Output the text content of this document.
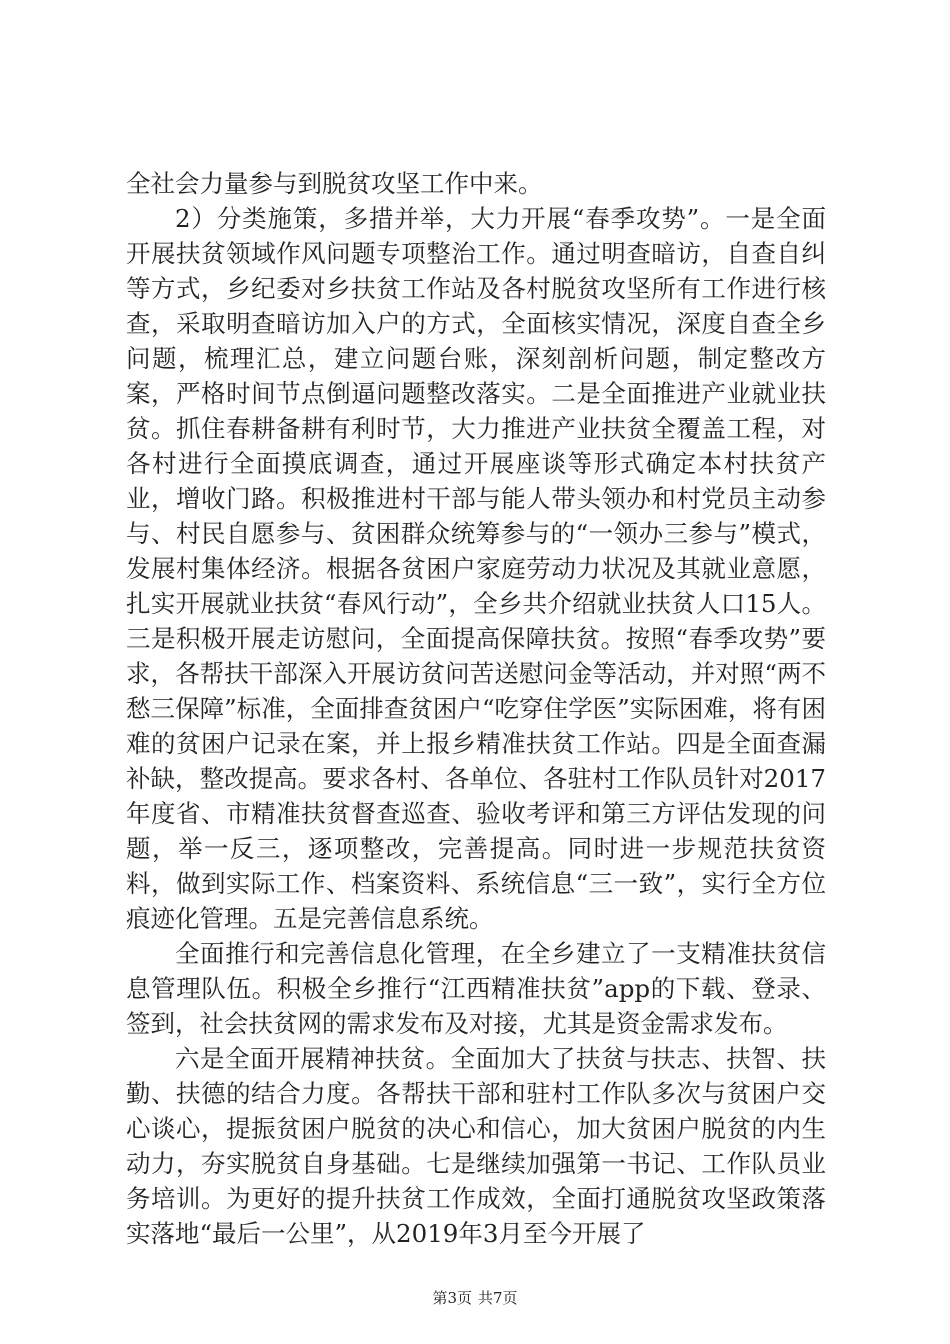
全社会力量参与到脱贫攻坚工作中来。

2）分类施策，多措并举，大力开展“春季攻势”。一是全面开展扶贫领域作风问题专项整治工作。通过明查暗访，自查自纠等方式，乡纪委对乡扶贫工作站及各村脱贫攻坚所有工作进行核查，采取明查暗访加入户的方式，全面核实情况，深度自查全乡问题，梳理汇总，建立问题台账，深刻剖析问题，制定整改方案，严格时间节点倒逼问题整改落实。二是全面推进产业就业扶贫。抓住春耕备耕有利时节，大力推进产业扶贫全覆盖工程，对各村进行全面摸底调查，通过开展座谈等形式确定本村扶贫产业，增收门路。积极推进村干部与能人带头领办和村党员主动参与、村民自愿参与、贫困群众统筹参与的“一领办三参与”模式，发展村集体经济。根据各贫困户家庭劳动力状况及其就业意愿，扎实开展就业扶贫“春风行动”，全乡共介绍就业扶贫人口15人。三是积极开展走访慰问，全面提高保障扶贫。按照“春季攻势”要求，各帮扶干部深入开展访贫问苦送慰问金等活动，并对照“两不愁三保障”标准，全面排查贫困户“吃穿住学医”实际困难，将有困难的贫困户记录在案，并上报乡精准扶贫工作站。四是全面查漏补缺，整改提高。要求各村、各单位、各驻村工作队员针对2017年度省、市精准扶贫督查巡查、验收考评和第三方评估发现的问题，举一反三，逐项整改，完善提高。同时进一步规范扶贫资料，做到实际工作、档案资料、系统信息“三一致”，实行全方位痕迹化管理。五是完善信息系统。

全面推行和完善信息化管理，在全乡建立了一支精准扶贫信息管理队伍。积极全乡推行“江西精准扶贫”app的下载、登录、签到，社会扶贫网的需求发布及对接，尤其是资金需求发布。

六是全面开展精神扶贫。全面加大了扶贫与扶志、扶智、扶勤、扶德的结合力度。各帮扶干部和驻村工作队多次与贫困户交心谈心，提振贫困户脱贫的决心和信心，加大贫困户脱贫的内生动力，夯实脱贫自身基础。七是继续加强第一书记、工作队员业务培训。为更好的提升扶贫工作成效，全面打通脱贫攻坚政策落实落地“最后一公里”，从2019年3月至今开展了

第3页 共7页
